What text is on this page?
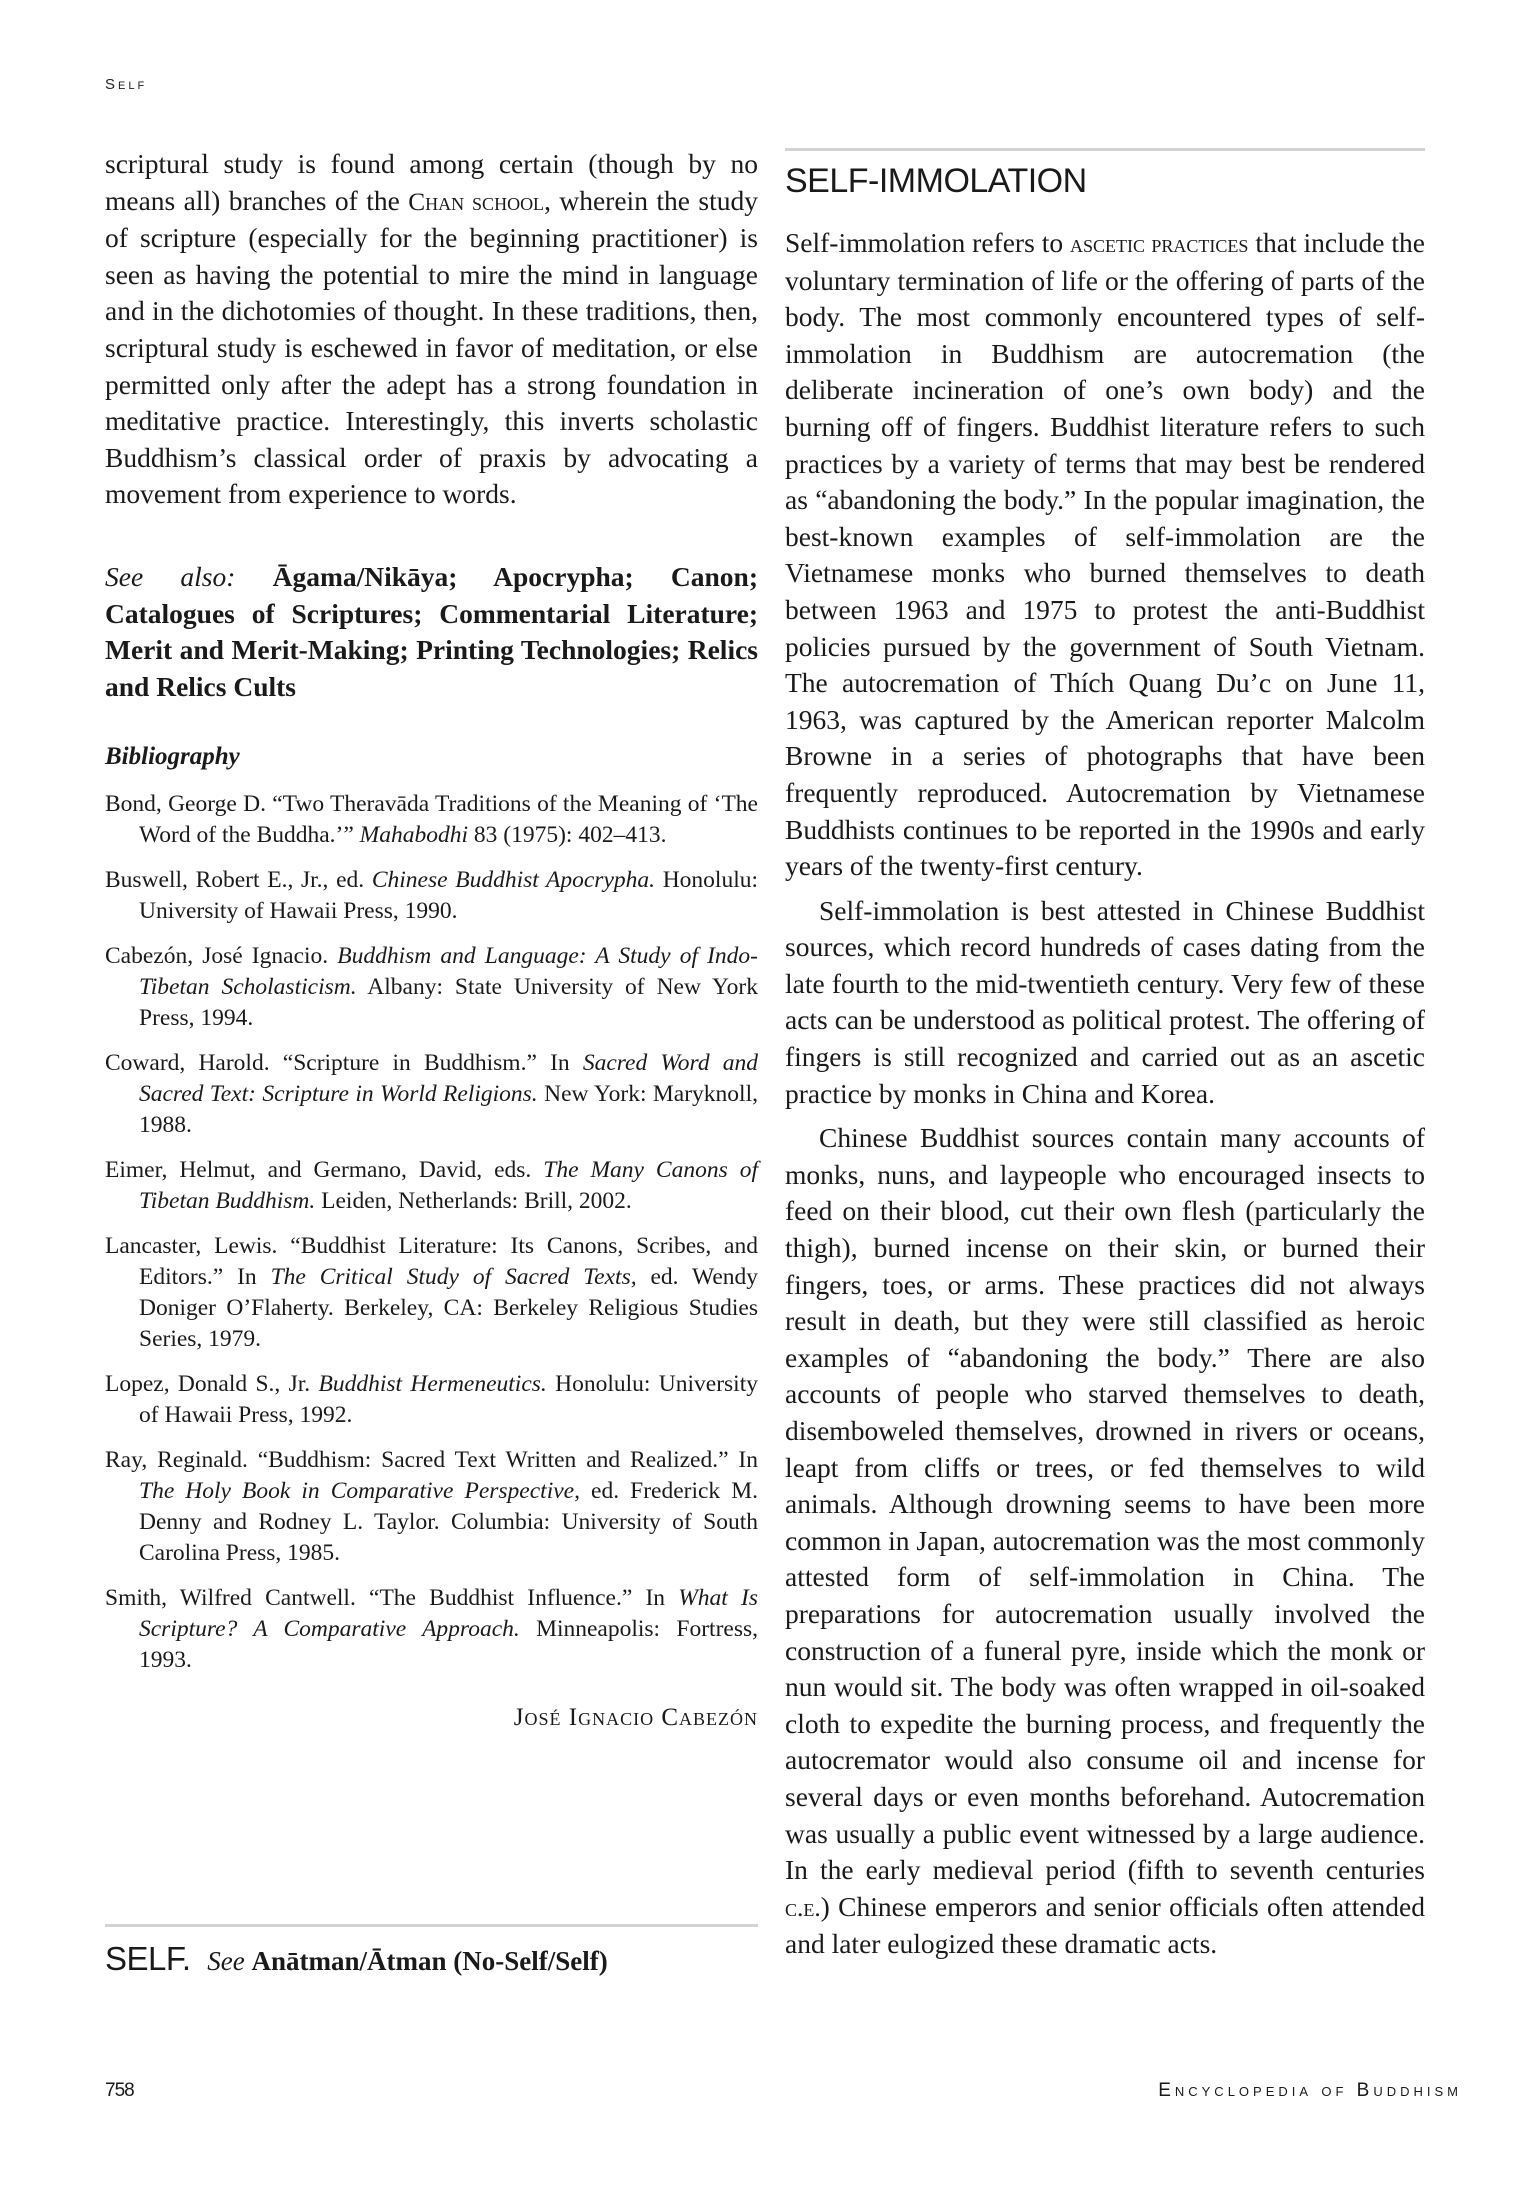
Self

scriptural study is found among certain (though by no means all) branches of the Chan school, wherein the study of scripture (especially for the beginning practitioner) is seen as having the potential to mire the mind in language and in the dichotomies of thought. In these traditions, then, scriptural study is eschewed in favor of meditation, or else permitted only after the adept has a strong foundation in meditative practice. Interestingly, this inverts scholastic Buddhism’s classical order of praxis by advocating a movement from experience to words.

See also: Āgama/Nikāya; Apocrypha; Canon; Catalogues of Scriptures; Commentarial Literature; Merit and Merit-Making; Printing Technologies; Relics and Relics Cults

Bibliography
Bond, George D. “Two Theravāda Traditions of the Meaning of ‘The Word of the Buddha.’” Mahabodhi 83 (1975): 402–413.
Buswell, Robert E., Jr., ed. Chinese Buddhist Apocrypha. Honolulu: University of Hawaii Press, 1990.
Cabezón, José Ignacio. Buddhism and Language: A Study of Indo-Tibetan Scholasticism. Albany: State University of New York Press, 1994.
Coward, Harold. “Scripture in Buddhism.” In Sacred Word and Sacred Text: Scripture in World Religions. New York: Maryknoll, 1988.
Eimer, Helmut, and Germano, David, eds. The Many Canons of Tibetan Buddhism. Leiden, Netherlands: Brill, 2002.
Lancaster, Lewis. “Buddhist Literature: Its Canons, Scribes, and Editors.” In The Critical Study of Sacred Texts, ed. Wendy Doniger O’Flaherty. Berkeley, CA: Berkeley Religious Studies Series, 1979.
Lopez, Donald S., Jr. Buddhist Hermeneutics. Honolulu: University of Hawaii Press, 1992.
Ray, Reginald. “Buddhism: Sacred Text Written and Realized.” In The Holy Book in Comparative Perspective, ed. Frederick M. Denny and Rodney L. Taylor. Columbia: University of South Carolina Press, 1985.
Smith, Wilfred Cantwell. “The Buddhist Influence.” In What Is Scripture? A Comparative Approach. Minneapolis: Fortress, 1993.
José Ignacio Cabezón
SELF. See Anātman/Ātman (No-Self/Self)
SELF-IMMOLATION

Self-immolation refers to ascetic practices that include the voluntary termination of life or the offering of parts of the body. The most commonly encountered types of self-immolation in Buddhism are autocremation (the deliberate incineration of one’s own body) and the burning off of fingers. Buddhist literature refers to such practices by a variety of terms that may best be rendered as “abandoning the body.” In the popular imagination, the best-known examples of self-immolation are the Vietnamese monks who burned themselves to death between 1963 and 1975 to protest the anti-Buddhist policies pursued by the government of South Vietnam. The autocremation of Thích Quang Du’c on June 11, 1963, was captured by the American reporter Malcolm Browne in a series of photographs that have been frequently reproduced. Autocremation by Vietnamese Buddhists continues to be reported in the 1990s and early years of the twenty-first century.

Self-immolation is best attested in Chinese Buddhist sources, which record hundreds of cases dating from the late fourth to the mid-twentieth century. Very few of these acts can be understood as political protest. The offering of fingers is still recognized and carried out as an ascetic practice by monks in China and Korea.

Chinese Buddhist sources contain many accounts of monks, nuns, and laypeople who encouraged insects to feed on their blood, cut their own flesh (particularly the thigh), burned incense on their skin, or burned their fingers, toes, or arms. These practices did not always result in death, but they were still classified as heroic examples of “abandoning the body.” There are also accounts of people who starved themselves to death, disemboweled themselves, drowned in rivers or oceans, leapt from cliffs or trees, or fed themselves to wild animals. Although drowning seems to have been more common in Japan, autocremation was the most commonly attested form of self-immolation in China. The preparations for autocremation usually involved the construction of a funeral pyre, inside which the monk or nun would sit. The body was often wrapped in oil-soaked cloth to expedite the burning process, and frequently the autocremator would also consume oil and incense for several days or even months beforehand. Autocremation was usually a public event witnessed by a large audience. In the early medieval period (fifth to seventh centuries c.e.) Chinese emperors and senior officials often attended and later eulogized these dramatic acts.

758	Encyclopedia of Buddhism
